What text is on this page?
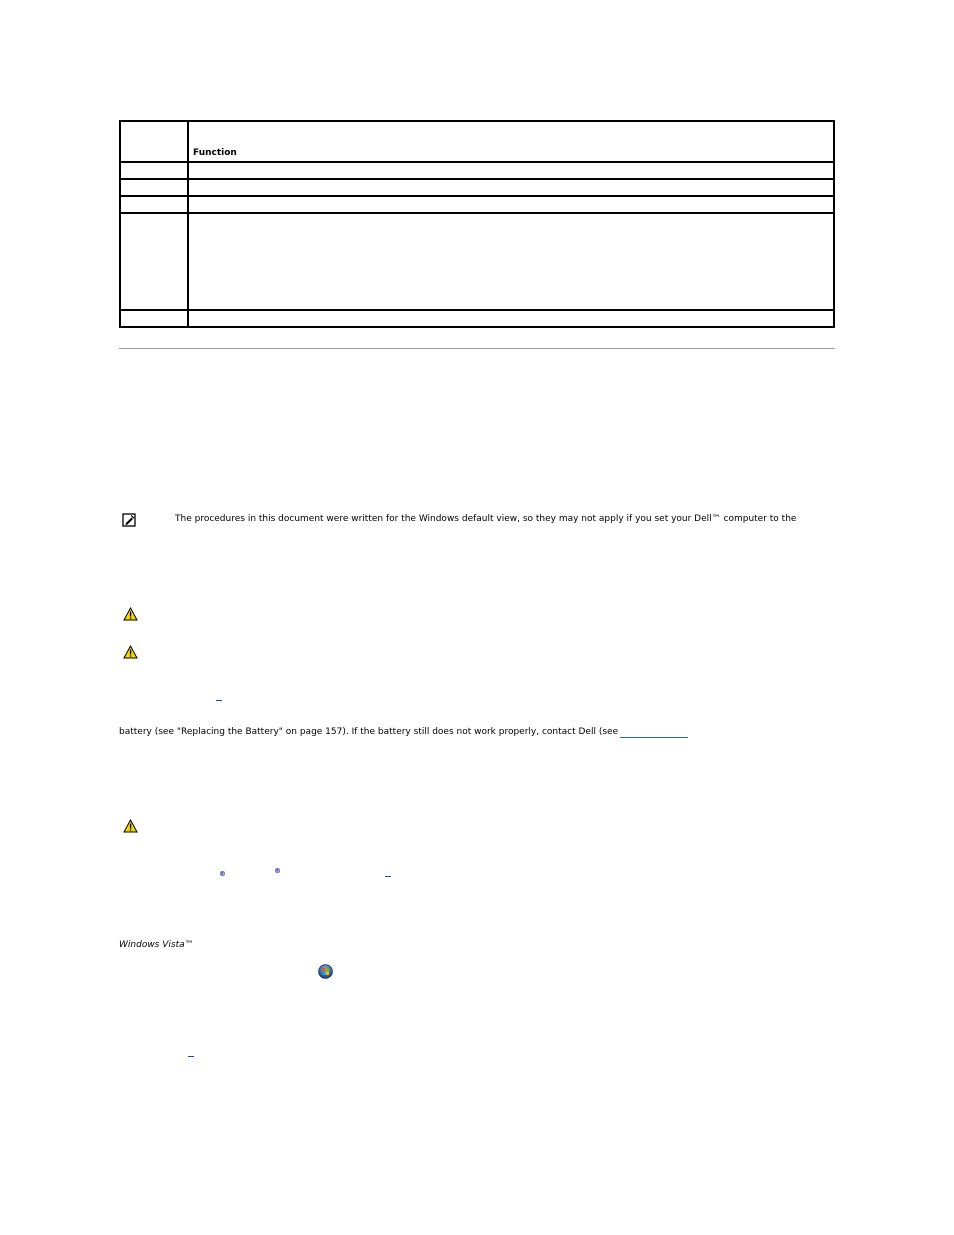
	Function

The procedures in this document were written for the Windows default view, so they may not apply if you set your Dell™ computer to the
battery (see "Replacing the Battery" on page 157). If the battery still does not work properly, contact Dell (see
®	®
Windows Vista™
